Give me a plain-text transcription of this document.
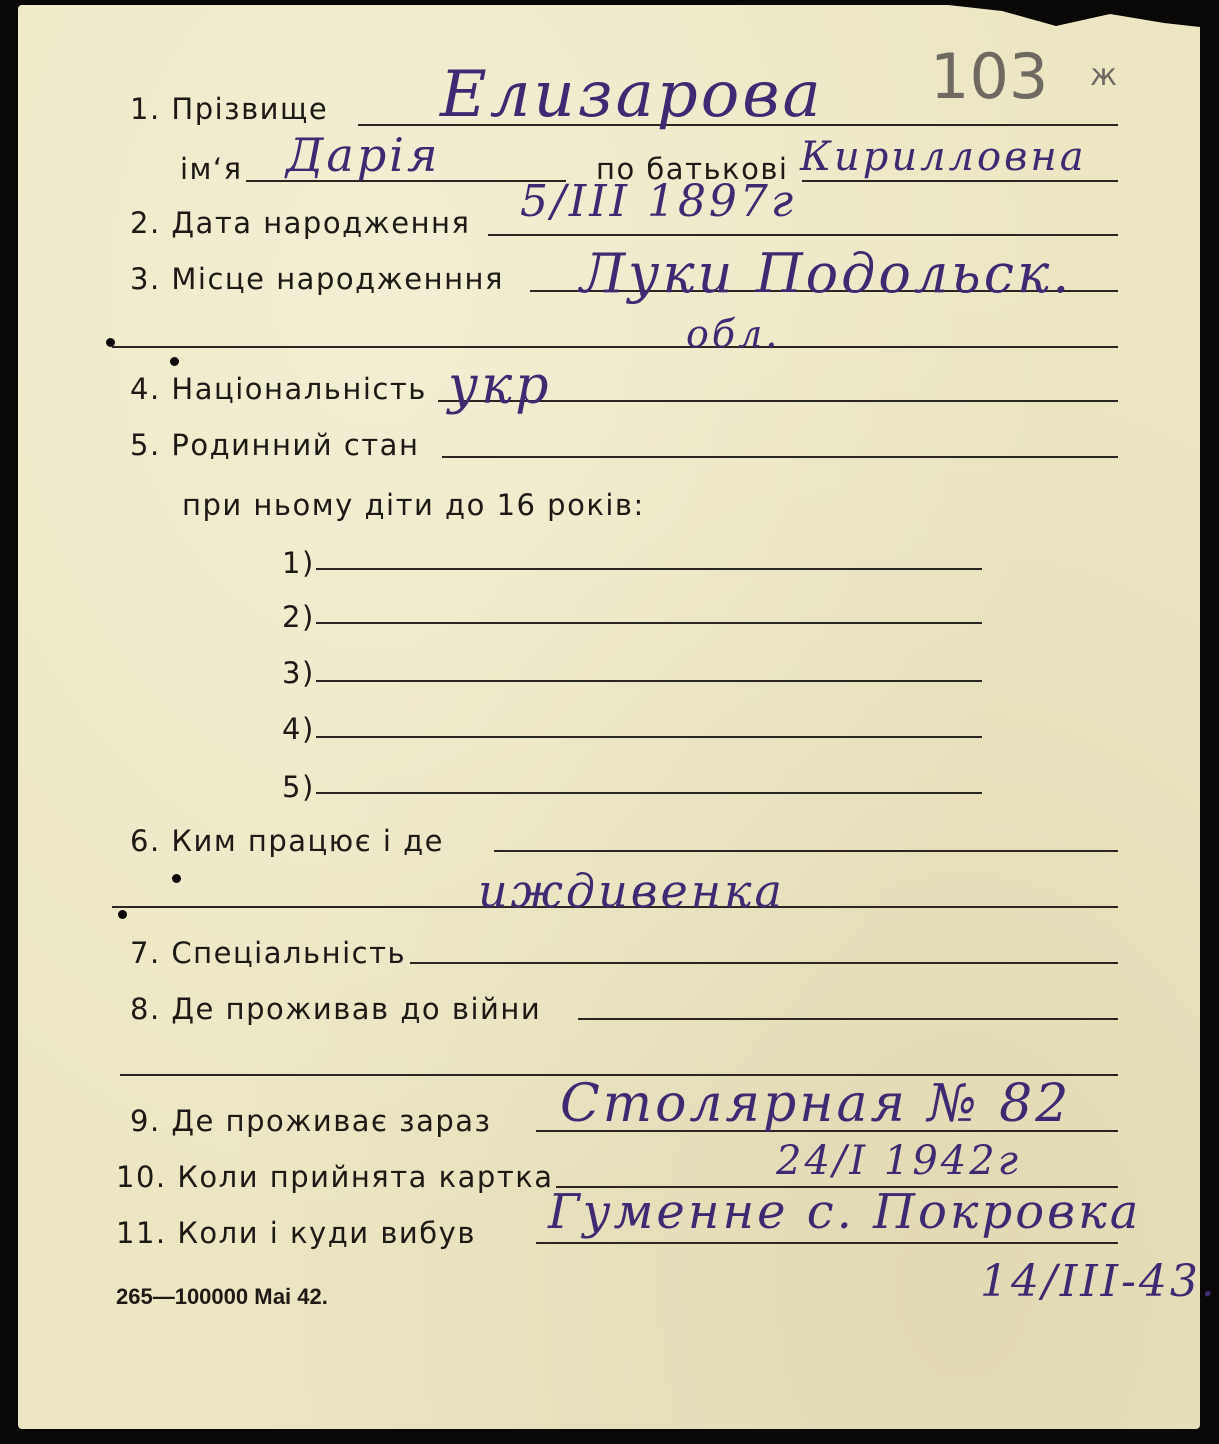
1. Прізвище Елизарова 103 ж
ім‘я Дарія	по батькові Кирилловна
2. Дата народження 5/III 1897г
3. Місце народженння Луки Подольск.
обл.
4. Національність укр
5. Родинний стан
при ньому діти до 16 років:
1)
2)
3)
4)
5)
6. Ким працює і де
иждивенка
7. Спеціальність
8. Де проживав до війни
9. Де проживає зараз Столярная № 82
10. Коли прийнята картка	24/I 1942г
11. Коли і куди вибув Гуменне с. Покровка
14/III-43.
265—100000 Маі 42.
